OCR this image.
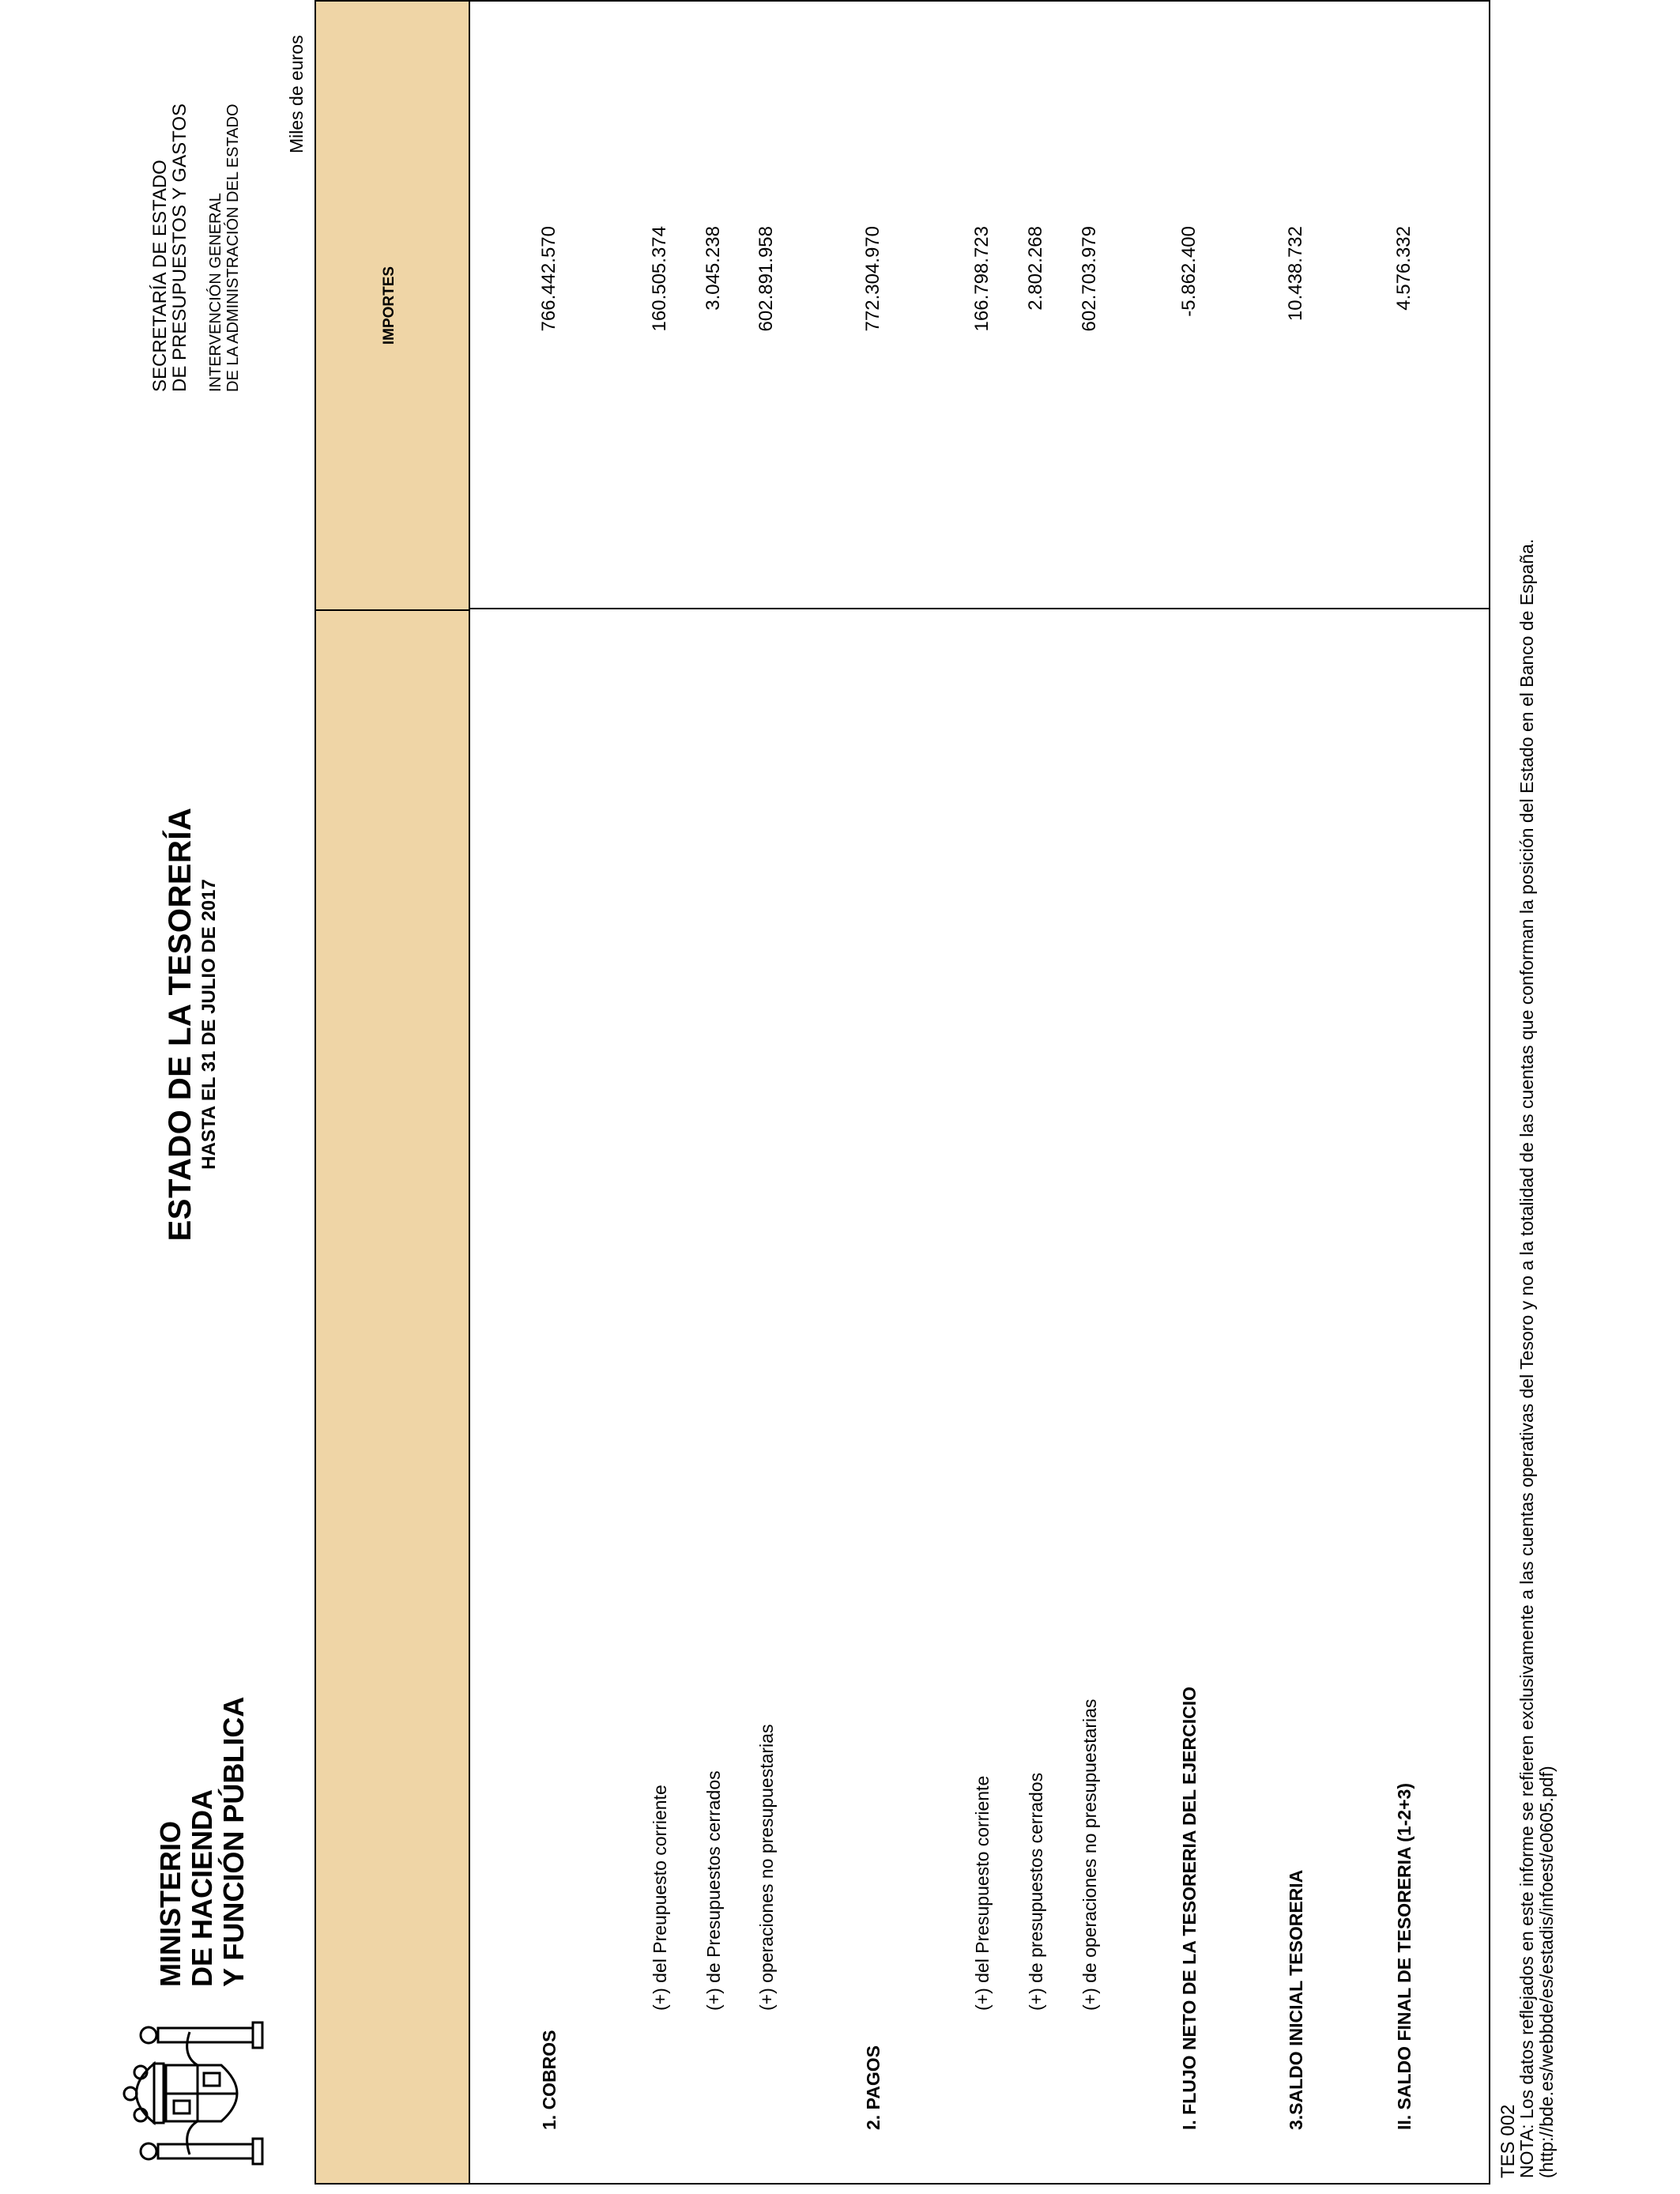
MINISTERIO DE HACIENDA Y FUNCIÓN PÚBLICA
ESTADO DE LA TESORERÍA HASTA EL 31 DE JULIO DE 2017
SECRETARÍA DE ESTADO
DE PRESUPUESTOS Y GASTOS INTERVENCIÓN GENERAL DE LA ADMINISTRACIÓN DEL ESTADO
Miles de euros
IMPORTES
1. COBROS
766.442.570
(+) del Preupuesto corriente
160.505.374
(+) de Presupuestos cerrados
3.045.238
(+) operaciones no presupuestarias
602.891.958
2. PAGOS
772.304.970
(+) del Presupuesto corriente
166.798.723
(+) de presupuestos cerrados
2.802.268
(+) de operaciones no presupuestarias
602.703.979
I. FLUJO NETO DE LA TESORERIA DEL EJERCICIO
-5.862.400
3.SALDO INICIAL TESORERIA
10.438.732
II. SALDO FINAL DE TESORERIA (1-2+3)
4.576.332
TES 002
NOTA: Los datos reflejados en este informe se refieren exclusivamente a las cuentas operativas del Tesoro y no a la totalidad de las cuentas que conforman la posición del Estado en el Banco de España. (http://bde.es/webbde/es/estadis/infoest/e0605.pdf)
